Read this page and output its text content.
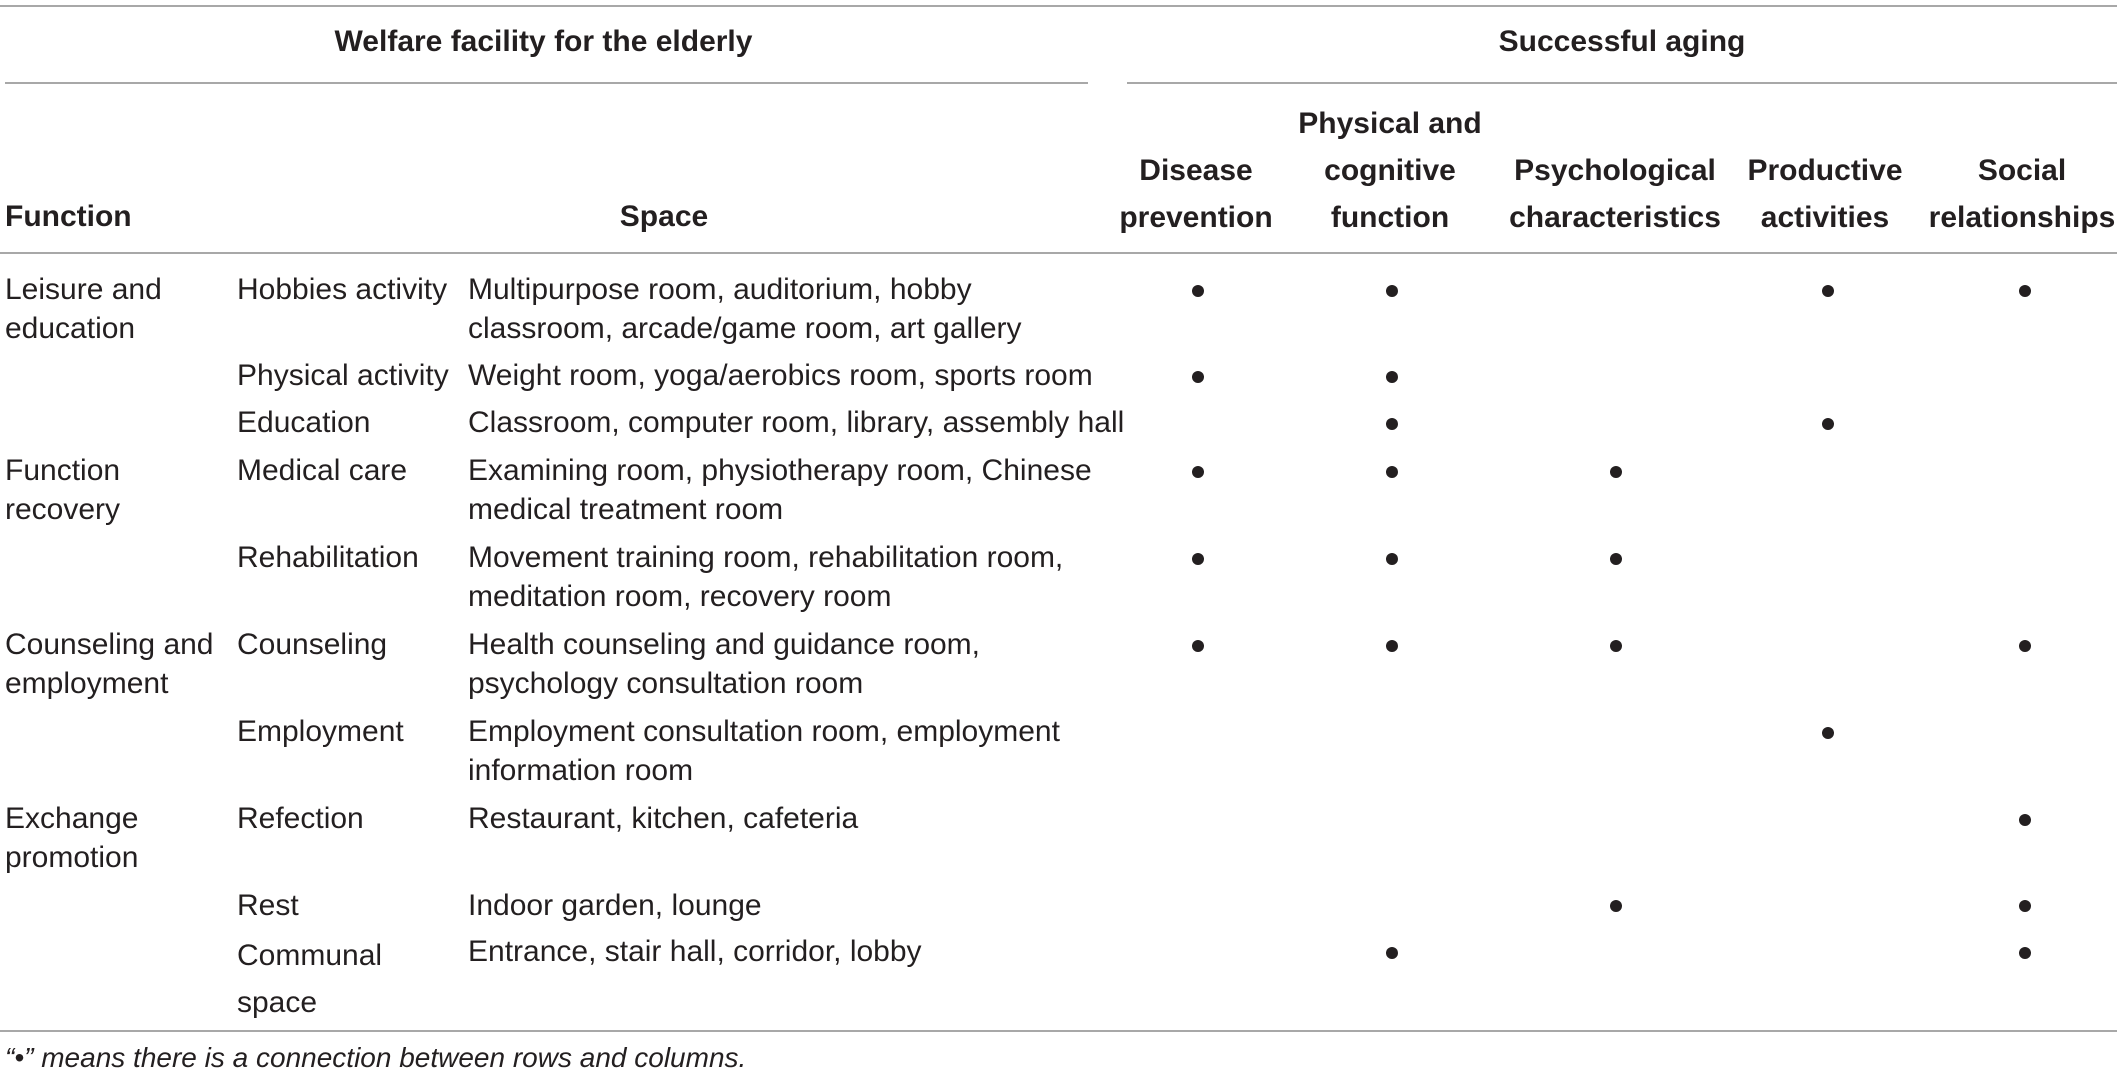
Welfare facility for the elderly	Successful aging
Function	Space
Disease
prevention
Physical and
cognitive
function
Psychological
characteristics
Productive
activities
Social
relationships
Leisure and
education
Function
recovery
Counseling and
employment
Exchange
promotion
Hobbies activity
Physical activity
Education
Medical care
Rehabilitation
Counseling
Employment
Refection
Rest
Communal
space
Multipurpose room, auditorium, hobby
classroom, arcade/game room, art gallery
Weight room, yoga/aerobics room, sports room
Classroom, computer room, library, assembly hall
Examining room, physiotherapy room, Chinese
medical treatment room
Movement training room, rehabilitation room,
meditation room, recovery room
Health counseling and guidance room,
psychology consultation room
Employment consultation room, employment
information room
Restaurant, kitchen, cafeteria
Indoor garden, lounge
Entrance, stair hall, corridor, lobby
“•” means there is a connection between rows and columns.
